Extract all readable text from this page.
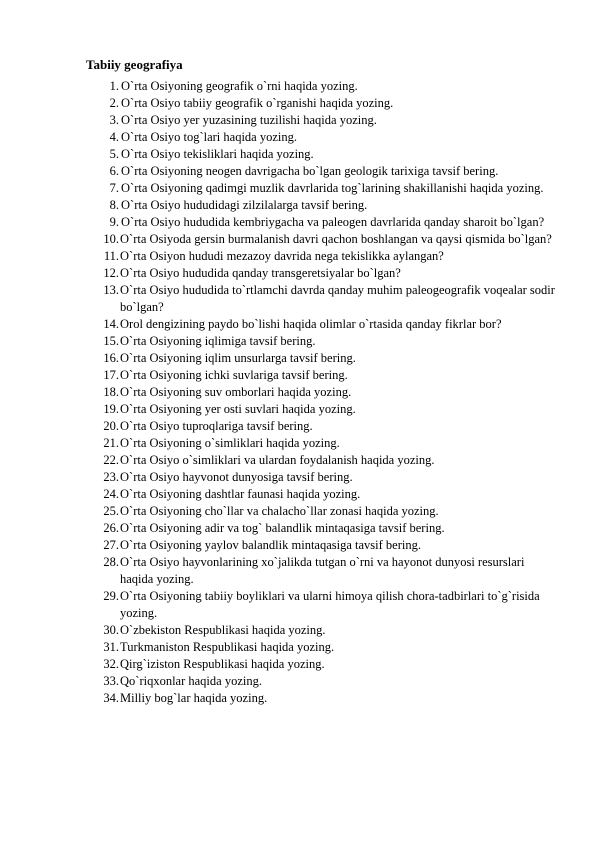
Tabiiy geografiya
1. O`rta Osiyoning geografik o`rni haqida yozing.
2. O`rta Osiyo tabiiy geografik o`rganishi haqida yozing.
3. O`rta Osiyo yer yuzasining tuzilishi haqida yozing.
4. O`rta Osiyo tog`lari haqida yozing.
5. O`rta Osiyo tekisliklari haqida yozing.
6. O`rta Osiyoning neogen davrigacha bo`lgan geologik tarixiga tavsif bering.
7. O`rta Osiyoning qadimgi muzlik davrlarida tog`larining shakillanishi haqida yozing.
8. O`rta Osiyo hududidagi zilzilalarga tavsif bering.
9. O`rta Osiyo hududida kembriygacha va paleogen davrlarida qanday sharoit bo`lgan?
10. O`rta Osiyoda gersin burmalanish davri qachon boshlangan va qaysi qismida bo`lgan?
11. O`rta Osiyon hududi mezazoy davrida nega tekislikka aylangan?
12. O`rta Osiyo hududida qanday transgeretsiyalar bo`lgan?
13. O`rta Osiyo hududida to`rtlamchi davrda qanday muhim paleogeografik voqealar sodir bo`lgan?
14. Orol dengizining paydo bo`lishi haqida olimlar o`rtasida qanday fikrlar bor?
15. O`rta Osiyoning iqlimiga tavsif bering.
16. O`rta Osiyoning iqlim unsurlarga tavsif bering.
17. O`rta Osiyoning ichki suvlariga tavsif bering.
18. O`rta Osiyoning suv omborlari haqida yozing.
19. O`rta Osiyoning yer osti suvlari haqida yozing.
20. O`rta Osiyo tuproqlariga tavsif bering.
21. O`rta Osiyoning o`simliklari haqida yozing.
22. O`rta Osiyo o`simliklari va ulardan foydalanish haqida yozing.
23. O`rta Osiyo hayvonot dunyosiga tavsif bering.
24. O`rta Osiyoning dashtlar faunasi haqida yozing.
25. O`rta Osiyoning cho`llar va chalacho`llar zonasi haqida yozing.
26. O`rta Osiyoning adir va tog` balandlik mintaqasiga tavsif bering.
27. O`rta Osiyoning yaylov balandlik mintaqasiga tavsif bering.
28. O`rta Osiyo hayvonlarining xo`jalikda tutgan o`rni va hayonot dunyosi resurslari haqida yozing.
29. O`rta Osiyoning tabiiy boyliklari va ularni himoya qilish chora-tadbirlari to`g`risida yozing.
30. O`zbekiston Respublikasi haqida yozing.
31. Turkmaniston Respublikasi haqida yozing.
32. Qirg`iziston Respublikasi haqida yozing.
33. Qo`riqxonlar haqida yozing.
34. Milliy bog`lar haqida yozing.
